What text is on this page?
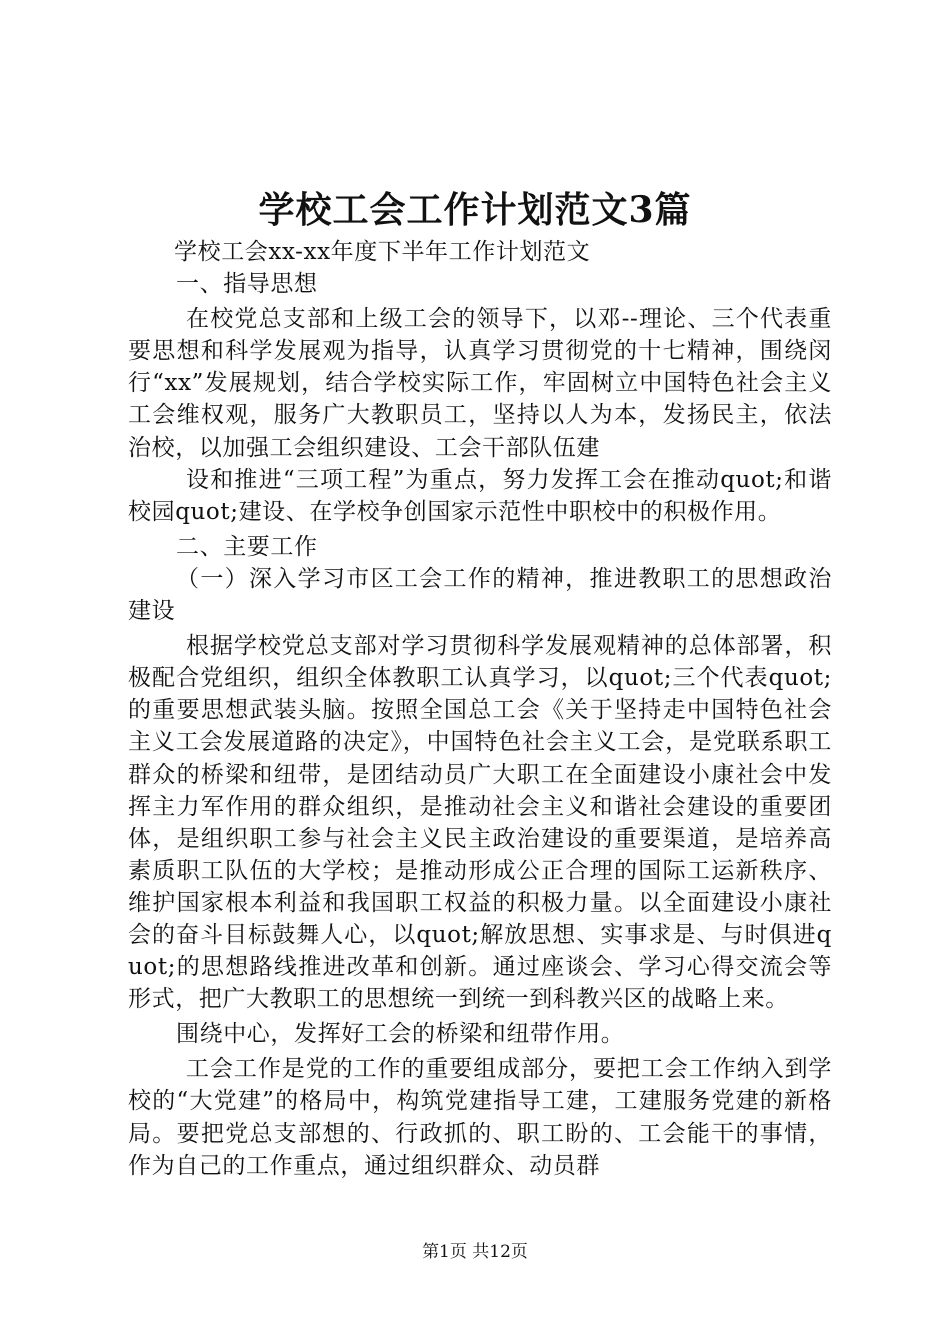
学校工会工作计划范文3篇

学校工会xx-xx年度下半年工作计划范文

一、指导思想

在校党总支部和上级工会的领导下，以邓--理论、三个代表重要思想和科学发展观为指导，认真学习贯彻党的十七精神，围绕闵行“xx”发展规划，结合学校实际工作，牢固树立中国特色社会主义工会维权观，服务广大教职员工，坚持以人为本，发扬民主，依法治校，以加强工会组织建设、工会干部队伍建

设和推进“三项工程”为重点，努力发挥工会在推动quot;和谐校园quot;建设、在学校争创国家示范性中职校中的积极作用。

二、主要工作

（一）深入学习市区工会工作的精神，推进教职工的思想政治建设

根据学校党总支部对学习贯彻科学发展观精神的总体部署，积极配合党组织，组织全体教职工认真学习，以quot;三个代表quot;的重要思想武装头脑。按照全国总工会《关于坚持走中国特色社会主义工会发展道路的决定》，中国特色社会主义工会，是党联系职工群众的桥梁和纽带，是团结动员广大职工在全面建设小康社会中发挥主力军作用的群众组织，是推动社会主义和谐社会建设的重要团体，是组织职工参与社会主义民主政治建设的重要渠道，是培养高素质职工队伍的大学校；是推动形成公正合理的国际工运新秩序、维护国家根本利益和我国职工权益的积极力量。以全面建设小康社会的奋斗目标鼓舞人心，以quot;解放思想、实事求是、与时俱进quot;的思想路线推进改革和创新。通过座谈会、学习心得交流会等形式，把广大教职工的思想统一到统一到科教兴区的战略上来。

围绕中心，发挥好工会的桥梁和纽带作用。

工会工作是党的工作的重要组成部分，要把工会工作纳入到学校的“大党建”的格局中，构筑党建指导工建，工建服务党建的新格局。要把党总支部想的、行政抓的、职工盼的、工会能干的事情，作为自己的工作重点，通过组织群众、动员群

第1页 共12页
